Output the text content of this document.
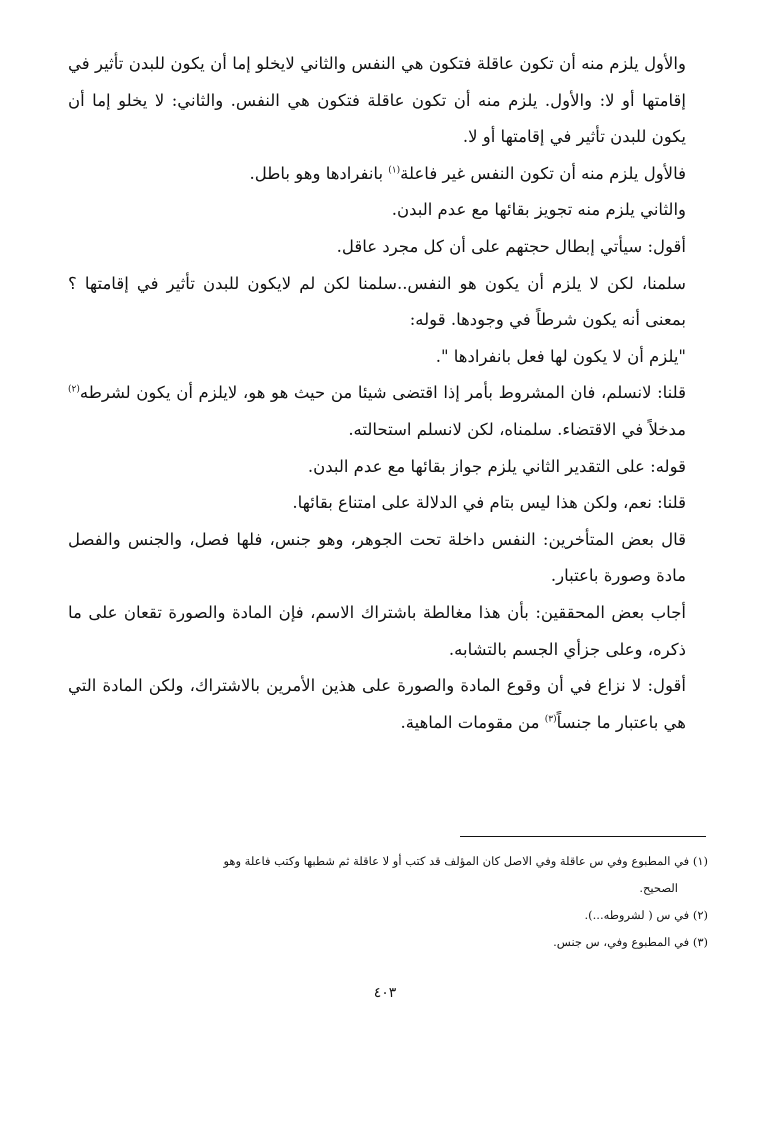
والأول يلزم منه أن تكون عاقلة فتكون هي النفس والثاني لايخلو إما أن يكون للبدن تأثير في إقامتها أو لا: والأول. يلزم منه أن تكون عاقلة فتكون هي النفس. والثاني: لا يخلو إما أن يكون للبدن تأثير في إقامتها أو لا.

فالأول يلزم منه أن تكون النفس غير فاعلة$^{(١)}$ بانفرادها وهو باطل.

والثاني يلزم منه تجويز بقائها مع عدم البدن.

أقول: سيأتي إبطال حجتهم على أن كل مجرد عاقل.

سلمنا، لكن لا يلزم أن يكون هو النفس..سلمنا لكن لم لايكون للبدن تأثير في إقامتها ؟ بمعنى أنه يكون شرطاً في وجودها. قوله:

"يلزم أن لا يكون لها فعل بانفرادها ".

قلنا: لانسلم، فان المشروط بأمر إذا اقتضى شيئا من حيث هو هو، لايلزم أن يكون لشرطه$^{(٢)}$ مدخلاً في الاقتضاء. سلمناه، لكن لانسلم استحالته.

قوله: على التقدير الثاني يلزم جواز بقائها مع عدم البدن.

قلنا: نعم، ولكن هذا ليس بتام في الدلالة على امتناع بقائها.

قال بعض المتأخرين: النفس داخلة تحت الجوهر، وهو جنس، فلها فصل، والجنس والفصل مادة وصورة باعتبار.

أجاب بعض المحققين: بأن هذا مغالطة باشتراك الاسم، فإن المادة والصورة تقعان على ما ذكره، وعلى جزأي الجسم بالتشابه.

أقول: لا نزاع في أن وقوع المادة والصورة على هذين الأمرين بالاشتراك، ولكن المادة التي هي باعتبار ما جنساً$^{(٣)}$ من مقومات الماهية.

(١) في المطبوع وفي س عاقلة وفي الاصل كان المؤلف قد كتب أو لا عاقلة ثم شطبها وكتب فاعلة وهو

الصحيح.

(٢) في س ( لشروطه...).

(٣) في المطبوع وفي، س جنس.

٤٠٣
